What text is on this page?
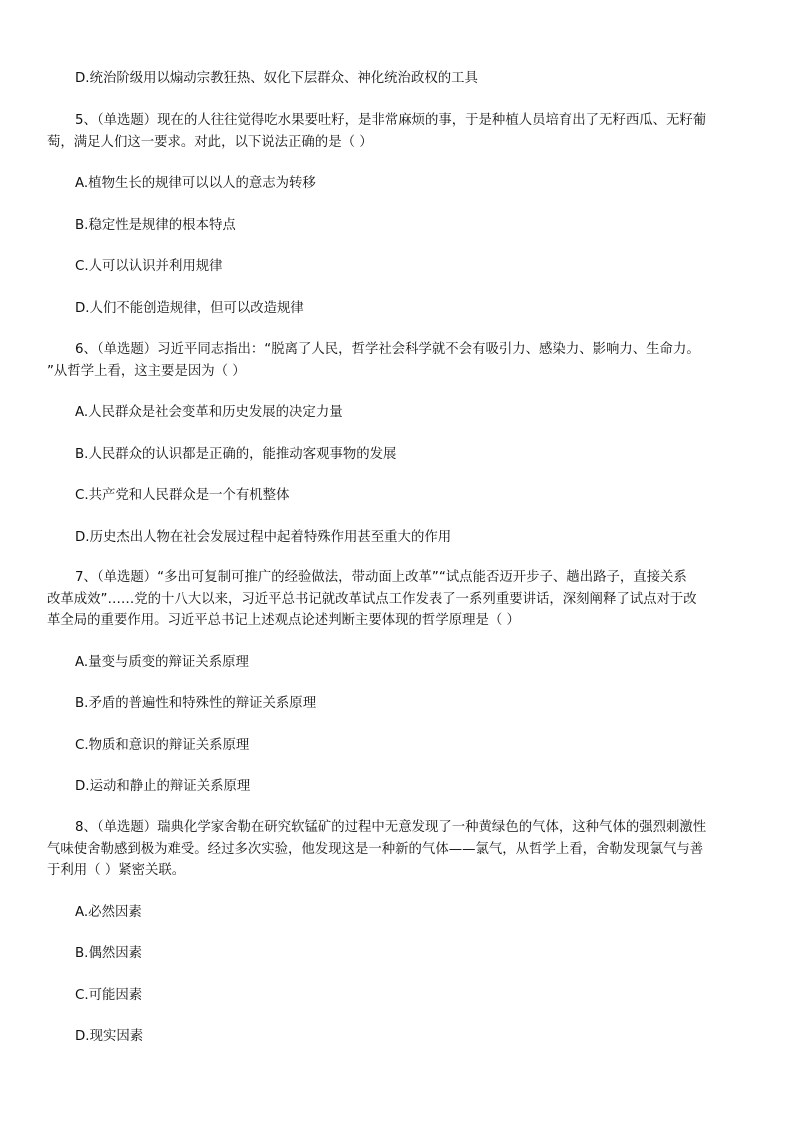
D.统治阶级用以煽动宗教狂热、奴化下层群众、神化统治政权的工具
5、（单选题）现在的人往往觉得吃水果要吐籽，是非常麻烦的事，于是种植人员培育出了无籽西瓜、无籽葡
萄，满足人们这一要求。对此，以下说法正确的是（ ）
A.植物生长的规律可以以人的意志为转移
B.稳定性是规律的根本特点
C.人可以认识并利用规律
D.人们不能创造规律，但可以改造规律
6、（单选题）习近平同志指出：“脱离了人民，哲学社会科学就不会有吸引力、感染力、影响力、生命力。
”从哲学上看，这主要是因为（ ）
A.人民群众是社会变革和历史发展的决定力量
B.人民群众的认识都是正确的，能推动客观事物的发展
C.共产党和人民群众是一个有机整体
D.历史杰出人物在社会发展过程中起着特殊作用甚至重大的作用
7、（单选题）“多出可复制可推广的经验做法，带动面上改革”“试点能否迈开步子、趟出路子，直接关系
改革成效”……党的十八大以来，习近平总书记就改革试点工作发表了一系列重要讲话，深刻阐释了试点对于改
革全局的重要作用。习近平总书记上述观点论述判断主要体现的哲学原理是（ ）
A.量变与质变的辩证关系原理
B.矛盾的普遍性和特殊性的辩证关系原理
C.物质和意识的辩证关系原理
D.运动和静止的辩证关系原理
8、（单选题）瑞典化学家舍勒在研究软锰矿的过程中无意发现了一种黄绿色的气体，这种气体的强烈刺激性
气味使舍勒感到极为难受。经过多次实验，他发现这是一种新的气体——氯气，从哲学上看，舍勒发现氯气与善
于利用（ ）紧密关联。
A.必然因素
B.偶然因素
C.可能因素
D.现实因素
